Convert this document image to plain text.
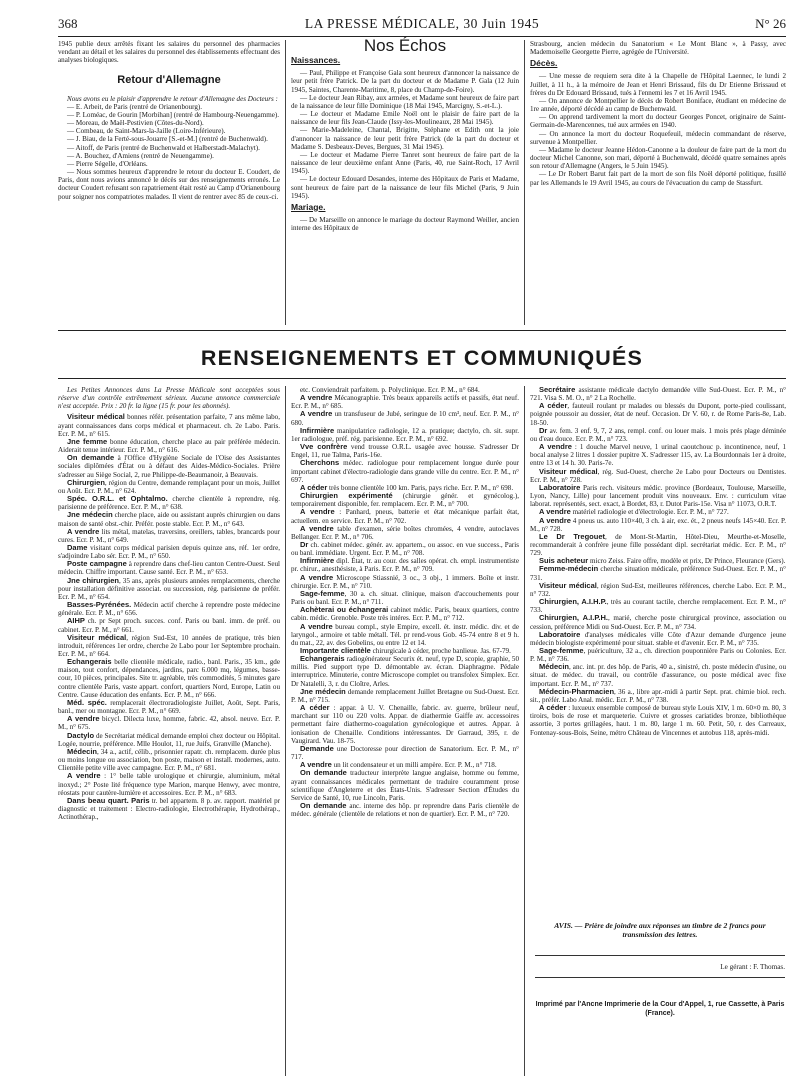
368	LA PRESSE MÉDICALE, 30 Juin 1945	N° 26

1945 publie deux arrêtés fixant les salaires du personnel des pharmacies vendant au détail et les salaires du personnel des établissements effectuant des analyses biologiques.

Retour d'Allemagne

Nous avons eu le plaisir d'apprendre le retour d'Allemagne des Docteurs :

— E. Arbeit, de Paris (rentré de Orianenbourg).

— P. Loméac, de Gourin [Morbihan] (rentré de Hambourg-Neuengamme).

— Moreau, de Maël-Pestivien (Côtes-du-Nord).

— Combeau, de Saint-Mars-la-Jaille (Loire-Inférieure).

— J. Biau, de la Ferté-sous-Jouarre [S.-et-M.] (rentré de Buchenwald).

— Aitoff, de Paris (rentré de Buchenwald et Halberstadt-Malachyt).

— A. Bouchez, d'Amiens (rentré de Neuengamme).

— Pierre Ségelle, d'Orléans.

— Nous sommes heureux d'apprendre le retour du docteur E. Coudert, de Paris, dont nous avions annoncé le décès sur des renseignements erronés. Le docteur Coudert refusant son rapatriement était resté au Camp d'Orianenbourg pour soigner nos compatriotes malades. Il vient de rentrer avec 85 de ceux-ci.

Nos Échos
Naissances.

— Paul, Philippe et Françoise Gala sont heureux d'annoncer la naissance de leur petit frère Patrick. De la part du docteur et de Madame P. Gala (12 Juin 1945, Saintes, Charente-Maritime, 8, place du Champ-de-Foire).

— Le docteur Jean Ribay, aux armées, et Madame sont heureux de faire part de la naissance de leur fille Dominique (18 Mai 1945, Marcigny, S.-et-L.).

— Le docteur et Madame Emile Noël ont le plaisir de faire part de la naissance de leur fils Jean-Claude (Issy-les-Moulineaux, 28 Mai 1945).

— Marie-Madeleine, Chantal, Brigitte, Stéphane et Edith ont la joie d'annoncer la naissance de leur petit frère Patrick (de la part du docteur et Madame S. Desbeaux-Deves, Bergues, 31 Mai 1945).

— Le docteur et Madame Pierre Tanret sont heureux de faire part de la naissance de leur deuxième enfant Anne (Paris, 40, rue Saint-Roch, 17 Avril 1945).

— Le docteur Edouard Desandes, interne des Hôpitaux de Paris et Madame, sont heureux de faire part de la naissance de leur fils Michel (Paris, 9 Juin 1945).

Mariage.

— De Marseille on annonce le mariage du docteur Raymond Weiller, ancien interne des Hôpitaux de

Strasbourg, ancien médecin du Sanatorium « Le Mont Blanc », à Passy, avec Mademoiselle Georgette Pierre, agrégée de l'Université.

Décès.

— Une messe de requiem sera dite à la Chapelle de l'Hôpital Laennec, le lundi 2 Juillet, à 11 h., à la mémoire de Jean et Henri Brissaud, fils du Dr Etienne Brissaud et frères du Dr Edouard Brissaud, tués à l'ennemi les 7 et 16 Avril 1945.

— On annonce de Montpellier le décès de Robert Boniface, étudiant en médecine de 1re année, déporté décédé au camp de Buchenwald.

— On apprend tardivement la mort du docteur Georges Poncet, originaire de Saint-Germain-de-Marencennes, tué aux armées en 1940.

— On annonce la mort du docteur Roquefeuil, médecin commandant de réserve, survenue à Montpellier.

— Madame le docteur Jeanne Hédon-Canonne a la douleur de faire part de la mort du docteur Michel Canonne, son mari, déporté à Buchenwald, décédé quatre semaines après son retour d'Allemagne (Angers, le 5 Juin 1945).

— Le Dr Robert Barut fait part de la mort de son fils Noël déporté politique, fusillé par les Allemands le 19 Avril 1945, au cours de l'évacuation du camp de Stassfurt.

RENSEIGNEMENTS ET COMMUNIQUÉS

Les Petites Annonces dans La Presse Médicale sont acceptées sous réserve d'un contrôle extrêmement sérieux. Aucune annonce commerciale n'est acceptée. Prix : 20 fr. la ligne (15 fr. pour les abonnés).

Visiteur médical bonnes référ. présentation parfaite, 7 ans même labo, ayant connaissances dans corps médical et pharmaceut. ch. 2e Labo. Paris. Ecr. P. M., n° 615.

Jne femme bonne éducation, cherche place au pair préférée médecin. Aiderait tenue intérieur. Ecr. P. M., n° 616.

On demande à l'Office d'Hygiène Sociale de l'Oise des Assistantes sociales diplômées d'État ou à défaut des Aides-Médico-Sociales. Prière s'adresser au Siège Social, 2, rue Philippe-de-Beaumanoir, à Beauvais.

Chirurgien, région du Centre, demande remplaçant pour un mois, Juillet ou Août. Ecr. P. M., n° 624.

Spéc. O.R.L. et Ophtalmo. cherche clientèle à reprendre, rég. parisienne de préférence. Ecr. P. M., n° 638.

Jne médecin cherche place, aide ou assistant auprès chirurgien ou dans maison de santé obst.-chir. Préfér. poste stable. Ecr. P. M., n° 643.

A vendre lits métal, matelas, traversins, oreillers, tables, brancards pour cures. Ecr. P. M., n° 649.

Dame visitant corps médical parisien depuis quinze ans, réf. 1er ordre, s'adjoindre Labo sér. Ecr. P. M., n° 650.

Poste campagne à reprendre dans chef-lieu canton Centre-Ouest. Seul médecin. Chiffre important. Cause santé. Ecr. P. M., n° 653.

Jne chirurgien, 35 ans, après plusieurs années remplacements, cherche pour installation définitive associat. ou succession, rég. parisienne de préfér. Ecr. P. M., n° 654.

Basses-Pyrénées. Médecin actif cherche à reprendre poste médecine générale. Ecr. P. M., n° 656.

AIHP ch. pr Sept proch. succes. conf. Paris ou banl. imm. de préf. ou cabinet. Ecr. P. M., n° 661.

Visiteur médical, région Sud-Est, 10 années de pratique, très bien introduit, références 1er ordre, cherche 2e Labo pour 1er Septembre prochain. Ecr. P. M., n° 664.

Echangerais belle clientèle médicale, radio., banl. Paris., 35 km., gde maison, tout confort, dépendances, jardins, parc 6.000 mq, légumes, basse-cour, 10 pièces, principales. Site tr. agréable, très commodités, 5 minutes gare contre clientèle Paris, vaste appart. confort, quartiers Nord, Europe, Latin ou Centre. Cause éducation des enfants. Ecr. P. M., n° 666.

Méd. spéc. remplacerait électroradiologiste Juillet, Août, Sept. Paris, banl., mer ou montagne. Ecr. P. M., n° 669.

A vendre bicycl. Dilecta luxe, homme, fabric. 42, absol. neuve. Ecr. P. M., n° 675.

Dactylo de Secrétariat médical demande emploi chez docteur ou Hôpital. Logée, nourrie, préférence. Mlle Houlot, 11, rue Juifs, Granville (Manche).

Médecin, 34 a., actif, célib., prisonnier rapatr. ch. remplacem. durée plus ou moins longue ou association, bon poste, maison et install. modernes, auto. Clientèle petite ville avec campagne. Ecr. P. M., n° 681.

A vendre : 1° belle table urologique et chirurgie, aluminium, métal inoxyd.; 2° Poste lité fréquence type Marion, marque Henwy, avec montre, réostats pour cautère-lumière et accessoires. Ecr. P. M., n° 683.

Dans beau quart. Paris tr. bel appartem. 8 p. av. rapport. matériel pr diagnostic et traitement : Electro-radiologie, Electrothérapie, Hydrothérap., Actinothérap.,

etc. Conviendrait parfaitem. p. Polyclinique. Ecr. P. M., n° 684.

A vendre Mécanographie. Très beaux appareils actifs et passifs, état neuf. Ecr. P. M., n° 685.

A vendre un transfuseur de Jubé, seringue de 10 cm³, neuf. Ecr. P. M., n° 680.

Infirmière manipulatrice radiologie, 12 a. pratique; dactylo, ch. sit. supr. 1er radiologue, préf. rég. parisienne. Ecr. P. M., n° 692.

Vve confrère vend trousse O.R.L. usagée avec housse. S'adresser Dr Engel, 11, rue Talma, Paris-16e.

Cherchons médec. radiologue pour remplacement longue durée pour important cabinet d'électro-radiologie dans grande ville du centre. Ecr. P. M., n° 697.

A céder très bonne clientèle 100 km. Paris, pays riche. Ecr. P. M., n° 698.

Chirurgien expérimenté (chirurgie génér. et gynécolog.), temporairement disponible, fer. remplacem. Ecr. P. M., n° 700.

A vendre : Panhard, pneus, batterie et état mécanique parfait état, actuellem. en service. Ecr. P. M., n° 702.

A vendre table d'examen, série boîtes chromées, 4 vendre, autoclaves Bellanger. Ecr. P. M., n° 706.

Dr ch. cabinet médec. génér. av. appartem., ou assoc. en vue success., Paris ou banl. immédiate. Urgent. Ecr. P. M., n° 708.

Infirmière dipl. État, tr. au cour. des salles opérat. ch. empl. instrumentiste pr. chirur., anesthésiste, à Paris. Ecr. P. M., n° 709.

A vendre Microscope Stiassnié, 3 oc., 3 obj., 1 immers. Boîte et instr. chirurgie. Ecr. P. M., n° 710.

Sage-femme, 30 a. ch. situat. clinique, maison d'accouchements pour Paris ou banl. Ecr. P. M., n° 711.

Achèterai ou échangerai cabinet médic. Paris, beaux quartiers, contre cabin. médic. Grenoble. Poste très intéres. Ecr. P. M., n° 712.

A vendre bureau compl., style Empire, excell. ét. instr. médic. div. et de laryngol., armoire et table métall. Tél. pr rend-vous Gob. 45-74 entre 8 et 9 h. du mat., 22, av. des Gobelins, ou entre 12 et 14.

Importante clientèle chirurgicale à céder, proche banlieue. Jas. 67-79.

Echangerais radiogénérateur Securix ét. neuf, type D, scopie, graphie, 50 millis. Pied support type D. démontable av. écran. Diaphragme. Pédale interruptrice. Minuterie, contre Microscope complet ou transfolex Simplex. Ecr. Dr Natalelli, 3, r. du Cloître, Arles.

Jne médecin demande remplacement Juillet Bretagne ou Sud-Ouest. Ecr. P. M., n° 715.

A céder : appar. à U. V. Chenaille, fabric. av. guerre, brûleur neuf, marchant sur 110 ou 220 volts. Appar. de diathermie Gaiffe av. accessoires permettant faire diathermo-coagulation gynécologique et autres. Appar. à ionisation de Chenaille. Conditions intéressantes. Dr Garraud, 395, r. de Vaugirard. Vau. 18-75.

Demande une Doctoresse pour direction de Sanatorium. Ecr. P. M., n° 717.

A vendre un lit condensateur et un milli ampère. Ecr. P. M., n° 718.

On demande traducteur interprète langue anglaise, homme ou femme, ayant connaissances médicales permettant de traduire couramment prose scientifique d'Angleterre et des États-Unis. S'adresser Section d'Études du Service de Santé, 10, rue Lincoln, Paris.

On demande anc. interne des hôp. pr reprendre dans Paris clientèle de médec. générale (clientèle de relations et non de quartier). Ecr. P. M., n° 720.

Secrétaire assistante médicale dactylo demandée ville Sud-Ouest. Ecr. P. M., n° 721. Visa S. M. O., n° 2 La Rochelle.

A céder, fauteuil roulant pr malades ou blessés du Dupont, porte-pied coulissant, poignée poussoir au dossier, état de neuf. Occasion. Dr V. 60, r. de Rome Paris-8e, Lab. 18-50.

Dr av. fem. 3 enf. 9, 7, 2 ans, rempl. conf. ou louer mais. 1 mois prés plage déminée ou d'eau douce. Ecr. P. M., n° 723.

A vendre : 1 douche Marvel neuve, 1 urinal caoutchouc p. incontinence, neuf, 1 bocal analyse 2 litres 1 dossier pupitre X. S'adresser 115, av. La Bourdonnais 1er à droite, entre 13 et 14 h. 30. Paris-7e.

Visiteur médical, rég. Sud-Ouest, cherche 2e Labo pour Docteurs ou Dentistes. Ecr. P. M., n° 728.

Laboratoire Paris rech. visiteurs médic. province (Bordeaux, Toulouse, Marseille, Lyon, Nancy, Lille) pour lancement produit vins nouveaux. Env. : curriculum vitae laborat. représentés, sect. exact, à Bordet, 83, r. Dutot Paris-15e. Visa n° 11073, O.R.T.

A vendre matériel radiologie et d'électrologie. Ecr. P. M., n° 727.

A vendre 4 pneus us. auto 110×40, 3 ch. à air, exc. ét., 2 pneus neufs 145×40. Ecr. P. M., n° 728.

Le Dr Tregouet, de Mont-St-Martin, Hôtel-Dieu, Meurthe-et-Moselle, recommanderait à confrère jeune fille possédant dipl. secrétariat médic. Ecr. P. M., n° 729.

Suis acheteur micro Zeiss. Faire offre, modèle et prix, Dr Prince, Fleurance (Gers).

Femme-médecin cherche situation médicale, préférence Sud-Ouest. Ecr. P. M., n° 731.

Visiteur médical, région Sud-Est, meilleures références, cherche Labo. Ecr. P. M., n° 732.

Chirurgien, A.I.H.P., très au courant tactile, cherche remplacement. Ecr. P. M., n° 733.

Chirurgien, A.I.P.H., marié, cherche poste chirurgical province, association ou cession, préférence Midi ou Sud-Ouest. Ecr. P. M., n° 734.

Laboratoire d'analyses médicales ville Côte d'Azur demande d'urgence jeune médecin biologiste expérimenté pour situat. stable et d'avenir. Ecr. P. M., n° 735.

Sage-femme, puériculture, 32 a., ch. direction pouponnière Paris ou Colonies. Ecr. P. M., n° 736.

Médecin, anc. int. pr. des hôp. de Paris, 40 a., sinistré, ch. poste médecin d'usine, ou situat. de médec. du travail, ou contrôle d'assurance, ou poste médical avec fixe important. Ecr. P. M., n° 737.

Médecin-Pharmacien, 36 a., libre apr.-midi à partir Sept. prat. chimie biol. rech. sit., préfér. Labo Anal. médic. Ecr. P. M., n° 738.

A céder : luxueux ensemble composé de bureau style Louis XIV, 1 m. 60×0 m. 80, 3 tiroirs, bois de rose et marqueterie. Cuivre et grosses cariatides bronze, bibliothèque assortie, 3 portes grillagées, haut. 1 m. 80, large 1 m. 60. Petit, 50, r. des Carreaux, Fontenay-sous-Bois, Seine, métro Château de Vincennes et autobus 118, après-midi.

AVIS. — Prière de joindre aux réponses un timbre de 2 francs pour transmission des lettres.
Le gérant : F. Thomas.
Imprimé par l'Ancne Imprimerie de la Cour d'Appel, 1, rue Cassette, à Paris (France).
